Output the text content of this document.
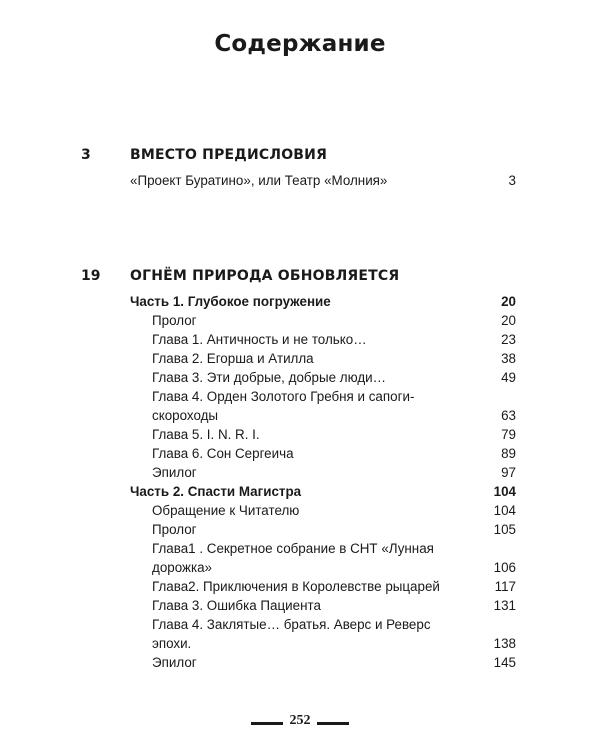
Содержание
3	ВМЕСТО ПРЕДИСЛОВИЯ
«Проект Буратино», или Театр «Молния»	3
19 ОГНЁМ ПРИРОДА ОБНОВЛЯЕТСЯ
Часть 1. Глубокое погружение	20
Пролог	20
Глава 1. Античность и не только…	23
Глава 2. Егорша и Атилла	38
Глава 3. Эти добрые, добрые люди…	49
Глава 4. Орден Золотого Гребня и сапоги-
скороходы	63
Глава 5. I. N. R. I.	79
Глава 6. Сон Сергеича	89
Эпилог	97
Часть 2. Спасти Магистра	104
Обращение к Читателю	104
Пролог	105
Глава1 . Секретное собрание в СНТ «Лунная
дорожка»	106
Глава2. Приключения в Королевстве рыцарей	117
Глава 3. Ошибка Пациента	131
Глава 4. Заклятые… братья. Аверс и Реверс
эпохи.	138
Эпилог	145
252
